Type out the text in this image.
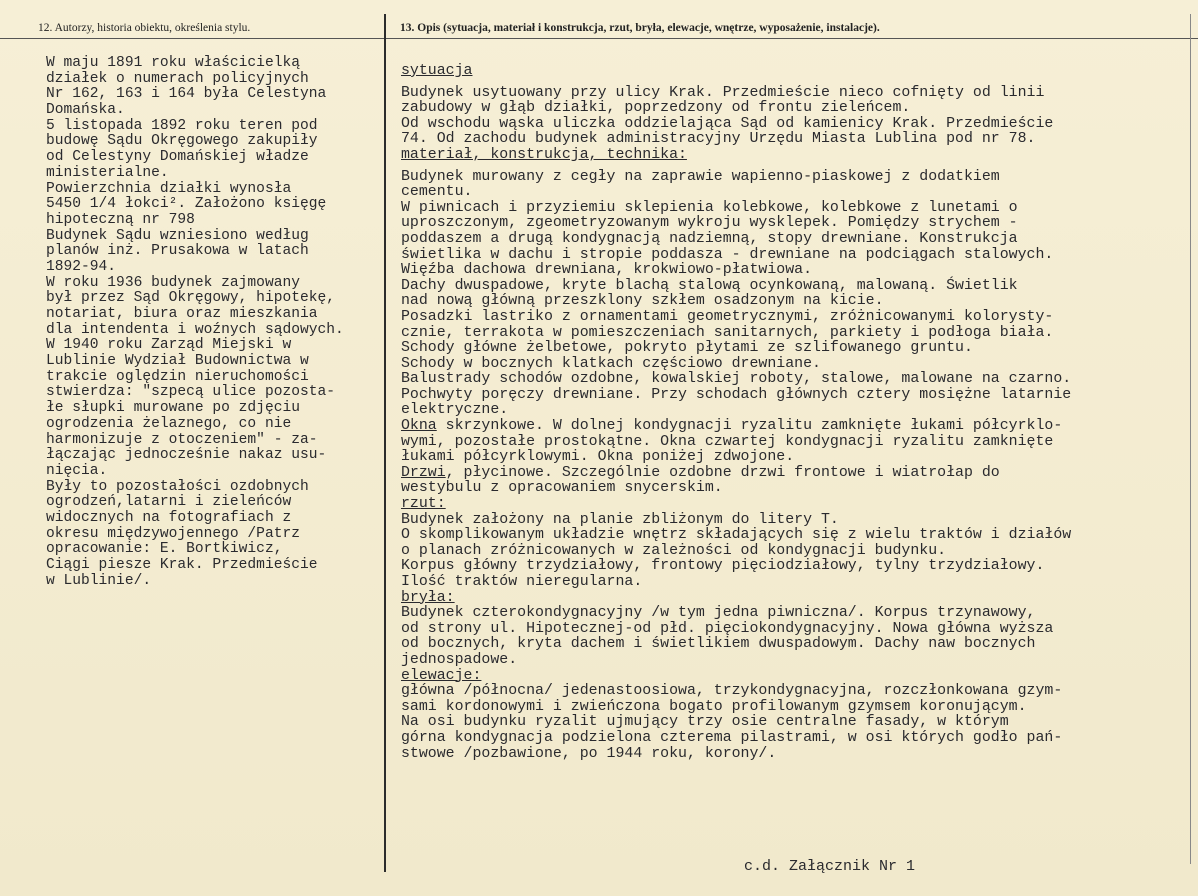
12. Autorzy, historia obiektu, określenia stylu.	13. Opis (sytuacja, materiał i konstrukcja, rzut, bryła, elewacje, wnętrze, wyposażenie, instalacje).
W maju 1891 roku właścicielką
działek o numerach policyjnych
Nr 162, 163 i 164 była Celestyna
Domańska.
5 listopada 1892 roku teren pod
budowę Sądu Okręgowego zakupiły
od Celestyny Domańskiej władze
ministerialne.
Powierzchnia działki wynosła
5450 1/4 łokci². Założono księgę
hipoteczną nr 798
Budynek Sądu wzniesiono według
planów inż. Prusakowa w latach
1892-94.
W roku 1936 budynek zajmowany
był przez Sąd Okręgowy, hipotekę,
notariat, biura oraz mieszkania
dla intendenta i woźnych sądowych.
W 1940 roku Zarząd Miejski w
Lublinie Wydział Budownictwa w
trakcie oględzin nieruchomości
stwierdza: "szpecą ulice pozosta-
łe słupki murowane po zdjęciu
ogrodzenia żelaznego, co nie
harmonizuje z otoczeniem" - za-
łączając jednocześnie nakaz usu-
nięcia.
Były to pozostałości ozdobnych
ogrodzeń,latarni i zieleńców
widocznych na fotografiach z
okresu międzywojennego /Patrz
opracowanie: E. Bortkiwicz,
Ciągi piesze Krak. Przedmieście
w Lublinie/.
sytuacja
Budynek usytuowany przy ulicy Krak. Przedmieście nieco cofnięty od linii
zabudowy w głąb działki, poprzedzony od frontu zieleńcem.
Od wschodu wąska uliczka oddzielająca Sąd od kamienicy Krak. Przedmieście
74. Od zachodu budynek administracyjny Urzędu Miasta Lublina pod nr 78.
materiał, konstrukcja, technika:
Budynek murowany z cegły na zaprawie wapienno-piaskowej z dodatkiem
cementu.
W piwnicach i przyziemiu sklepienia kolebkowe, kolebkowe z lunetami o
uproszczonym, zgeometryzowanym wykroju wysklepek. Pomiędzy strychem -
poddaszem a drugą kondygnacją nadziemną, stopy drewniane. Konstrukcja
świetlika w dachu i stropie poddasza - drewniane na podciągach stalowych.
Więźba dachowa drewniana, krokwiowo-płatwiowa.
Dachy dwuspadowe, kryte blachą stalową ocynkowaną, malowaną. Świetlik
nad nową główną przeszklony szkłem osadzonym na kicie.
Posadzki lastriko z ornamentami geometrycznymi, zróżnicowanymi kolorysty-
cznie, terrakota w pomieszczeniach sanitarnych, parkiety i podłoga biała.
Schody główne żelbetowe, pokryto płytami ze szlifowanego gruntu.
Schody w bocznych klatkach częściowo drewniane.
Balustrady schodów ozdobne, kowalskiej roboty, stalowe, malowane na czarno.
Pochwyty poręczy drewniane. Przy schodach głównych cztery mosiężne latarnie
elektryczne.
Okna skrzynkowe. W dolnej kondygnacji ryzalitu zamknięte łukami półcyrklo-
wymi, pozostałe prostokątne. Okna czwartej kondygnacji ryzalitu zamknięte
łukami półcyrklowymi. Okna poniżej zdwojone.
Drzwi, płycinowe. Szczególnie ozdobne drzwi frontowe i wiatrołap do
westybulu z opracowaniem snycerskim.
rzut:
Budynek założony na planie zbliżonym do litery T.
O skomplikowanym układzie wnętrz składających się z wielu traktów i działów
o planach zróżnicowanych w zależności od kondygnacji budynku.
Korpus główny trzydziałowy, frontowy pięciodziałowy, tylny trzydziałowy.
Ilość traktów nieregularna.
bryła:
Budynek czterokondygnacyjny /w tym jedna piwniczna/. Korpus trzynawowy,
od strony ul. Hipotecznej-od płd. pięciokondygnacyjny. Nowa główna wyższa
od bocznych, kryta dachem i świetlikiem dwuspadowym. Dachy naw bocznych
jednospadowe.
elewacje:
główna /północna/ jedenastoosiowa, trzykondygnacyjna, rozczłonkowana gzym-
sami kordonowymi i zwieńczona bogato profilowanym gzymsem koronującym.
Na osi budynku ryzalit ujmujący trzy osie centralne fasady, w którym
górna kondygnacja podzielona czterema pilastrami, w osi których godło pań-
stwowe /pozbawione, po 1944 roku, korony/.
c.d. Załącznik Nr 1
